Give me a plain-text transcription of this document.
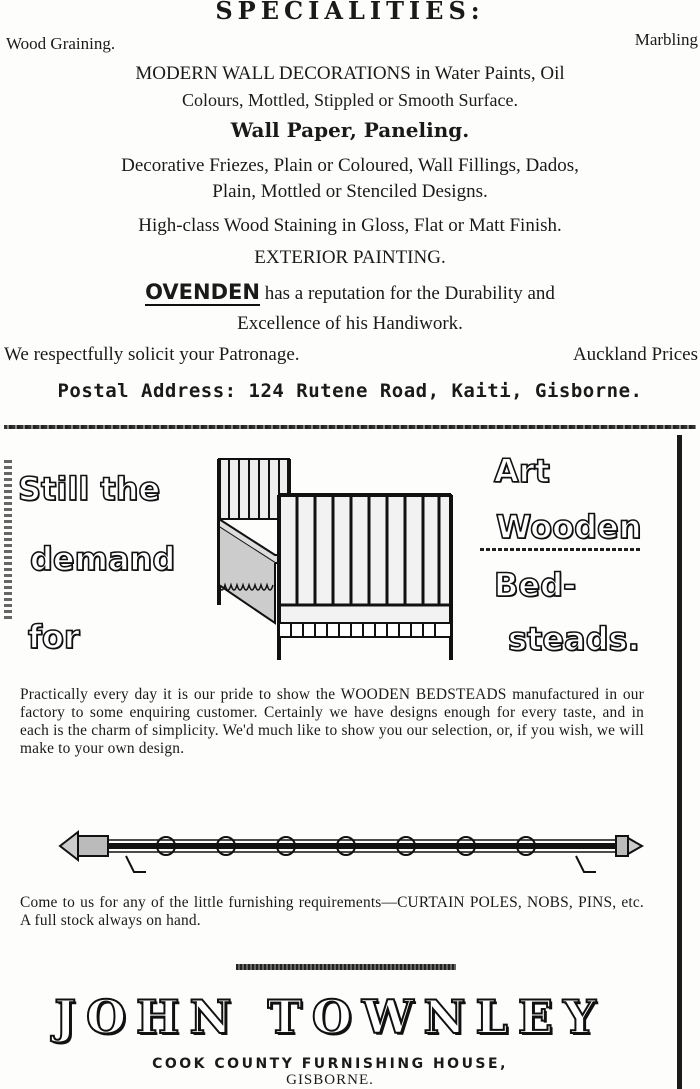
SPECIALITIES:
Wood Graining.	Marbling
MODERN WALL DECORATIONS in Water Paints, Oil
Colours, Mottled, Stippled or Smooth Surface.
Wall Paper, Paneling.
Decorative Friezes, Plain or Coloured, Wall Fillings, Dados,
Plain, Mottled or Stenciled Designs.
High-class Wood Staining in Gloss, Flat or Matt Finish.
EXTERIOR PAINTING.
OVENDEN has a reputation for the Durability and
Excellence of his Handiwork.
We respectfully solicit your Patronage.	Auckland Prices
Postal Address: 124 Rutene Road, Kaiti, Gisborne.
Still the
demand
for
Art
Wooden
Bed-
steads.
Practically every day it is our pride to show the WOODEN BEDSTEADS manufactured in our factory to some enquiring customer. Certainly we have designs enough for every taste, and in each is the charm of simplicity. We'd much like to show you our selection, or, if you wish, we will make to your own design.
Come to us for any of the little furnishing requirements—CURTAIN POLES, NOBS, PINS, etc. A full stock always on hand.
JOHN TOWNLEY
COOK COUNTY FURNISHING HOUSE,
GISBORNE.
